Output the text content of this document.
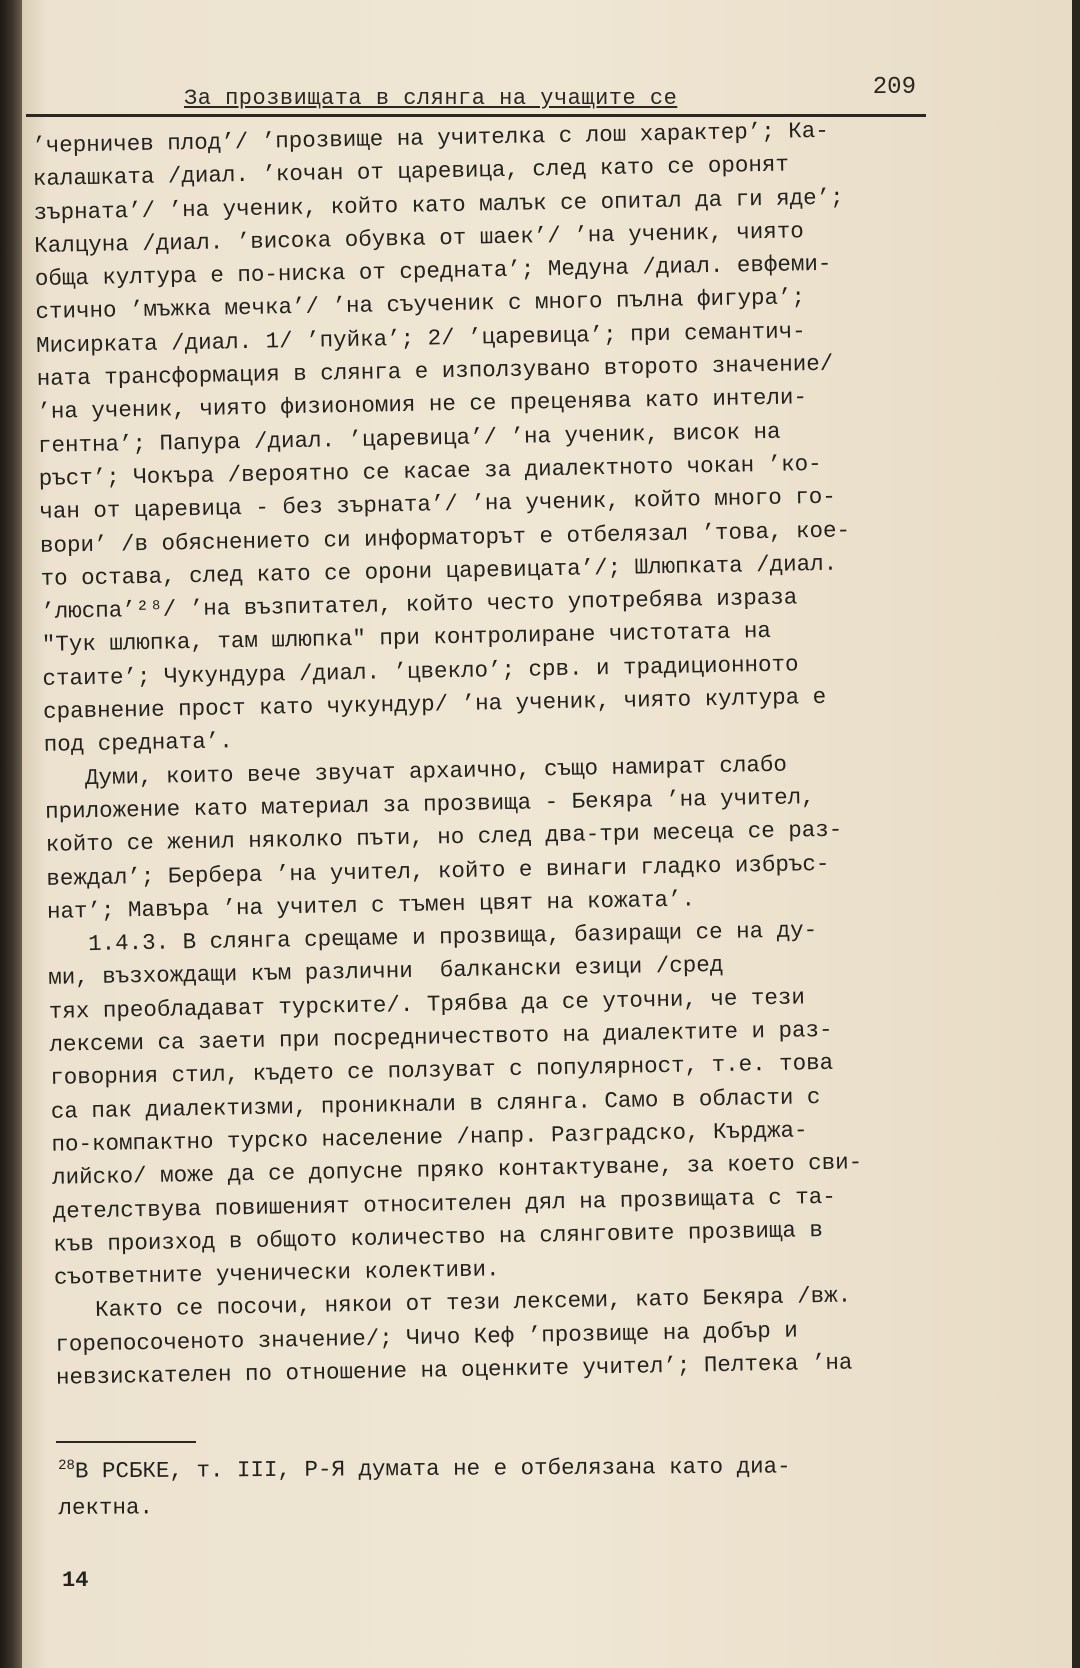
За прозвищата в слянга на учащите се	209
’черничев плод’/ ’прозвище на учителка с лош характер’; Ка-
калашката /диал. ’кочан от царевица, след като се оронят
зърната’/ ’на ученик, който като малък се опитал да ги яде’;
Калцуна /диал. ’висока обувка от шаек’/ ’на ученик, чиято
обща култура е по-ниска от средната’; Медуна /диал. евфеми-
стично ’мъжка мечка’/ ’на съученик с много пълна фигура’;
Мисирката /диал. 1/ ’пуйка’; 2/ ’царевица’; при семантич-
ната трансформация в слянга е използувано второто значение/
’на ученик, чиято физиономия не се преценява като интели-
гентна’; Папура /диал. ’царевица’/ ’на ученик, висок на
ръст’; Чокъра /вероятно се касае за диалектното чокан ’ко-
чан от царевица - без зърната’/ ’на ученик, който много го-
вори’ /в обяснението си информаторът е отбелязал ’това, кое-
то остава, след като се орони царевицата’/; Шлюпката /диал.
’люспа’²⁸/ ’на възпитател, който често употребява израза
"Тук шлюпка, там шлюпка" при контролиране чистотата на
стаите’; Чукундура /диал. ’цвекло’; срв. и традиционното
сравнение прост като чукундур/ ’на ученик, чиято култура е
под средната’.
Думи, които вече звучат архаично, също намират слабо
приложение като материал за прозвища - Бекяра ’на учител,
който се женил няколко пъти, но след два-три месеца се раз-
веждал’; Бербера ’на учител, който е винаги гладко избръс-
нат’; Мавъра ’на учител с тъмен цвят на кожата’.
1.4.3. В слянга срещаме и прозвища, базиращи се на ду-
ми, възхождащи към различни  балкански езици /сред
тях преобладават турските/. Трябва да се уточни, че тези
лексеми са заети при посредничеството на диалектите и раз-
говорния стил, където се ползуват с популярност, т.е. това
са пак диалектизми, проникнали в слянга. Само в области с
по-компактно турско население /напр. Разградско, Кърджа-
лийско/ може да се допусне пряко контактуване, за което сви-
детелствува повишеният относителен дял на прозвищата с та-
къв произход в общото количество на слянговите прозвища в
съответните ученически колективи.
Както се посочи, някои от тези лексеми, като Бекяра /вж.
горепосоченото значение/; Чичо Кеф ’прозвище на добър и
невзискателен по отношение на оценките учител’; Пелтека ’на
$^{28}$В РСБКЕ, т. III, Р-Я думата не е отбелязана като диа-
лектна.
14
